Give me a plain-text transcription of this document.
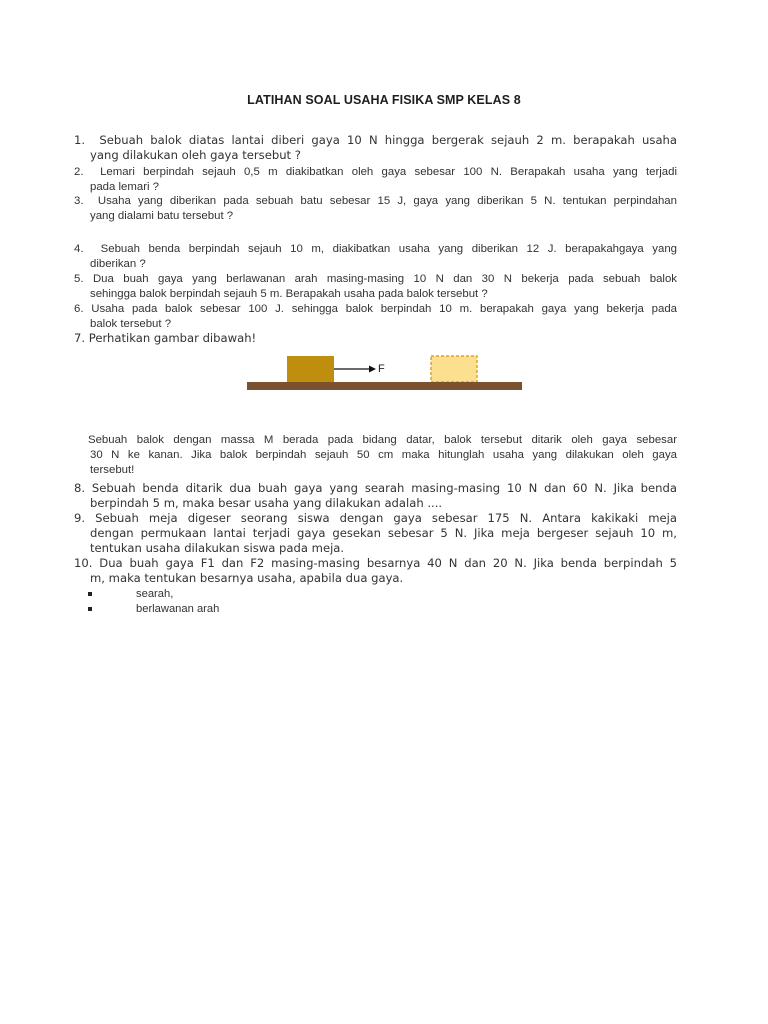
LATIHAN SOAL USAHA FISIKA SMP KELAS 8
1. Sebuah balok diatas lantai diberi gaya 10 N hingga bergerak sejauh 2 m. berapakah usaha
yang dilakukan oleh gaya tersebut ?
2. Lemari berpindah sejauh 0,5 m diakibatkan oleh gaya sebesar 100 N. Berapakah usaha yang terjadi
pada lemari ?
3. Usaha yang diberikan pada sebuah batu sebesar 15 J, gaya yang diberikan 5 N. tentukan perpindahan
yang dialami batu tersebut ?
4. Sebuah benda berpindah sejauh 10 m, diakibatkan usaha yang diberikan 12 J. berapakahgaya yang
diberikan ?
5. Dua buah gaya yang berlawanan arah masing-masing 10 N dan 30 N bekerja pada sebuah balok
sehingga balok berpindah sejauh 5 m. Berapakah usaha pada balok tersebut ?
6. Usaha pada balok sebesar 100 J. sehingga balok berpindah 10 m. berapakah gaya yang bekerja pada
balok tersebut ?
7. Perhatikan gambar dibawah!
F
Sebuah balok dengan massa M berada pada bidang datar, balok tersebut ditarik oleh gaya sebesar
30 N ke kanan. Jika balok berpindah sejauh 50 cm maka hitunglah usaha yang dilakukan oleh gaya
tersebut!
8. Sebuah benda ditarik dua buah gaya yang searah masing-masing 10 N dan 60 N. Jika benda
berpindah 5 m, maka besar usaha yang dilakukan adalah ....
9. Sebuah meja digeser seorang siswa dengan gaya sebesar 175 N. Antara kakikaki meja
dengan permukaan lantai terjadi gaya gesekan sebesar 5 N. Jika meja bergeser sejauh 10 m,
tentukan usaha dilakukan siswa pada meja.
10. Dua buah gaya F1 dan F2 masing-masing besarnya 40 N dan 20 N. Jika benda berpindah 5
m, maka tentukan besarnya usaha, apabila dua gaya.
searah,
berlawanan arah
